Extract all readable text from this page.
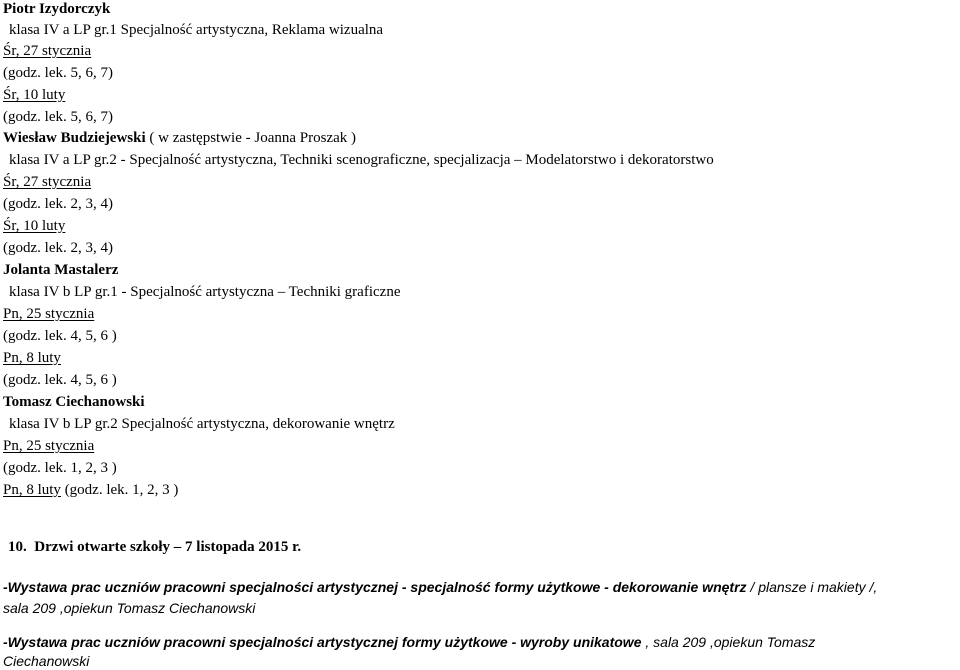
Piotr Izydorczyk
klasa IV a LP gr.1 Specjalność artystyczna, Reklama wizualna
Śr, 27 stycznia
(godz. lek. 5, 6, 7)
Śr, 10 luty
(godz. lek. 5, 6, 7)
Wiesław Budziejewski ( w zastępstwie - Joanna Proszak )
klasa IV a LP gr.2 - Specjalność artystyczna, Techniki scenograficzne, specjalizacja – Modelatorstwo i dekoratorstwo
Śr, 27 stycznia
(godz. lek. 2, 3, 4)
Śr, 10 luty
(godz. lek. 2, 3, 4)
Jolanta Mastalerz
klasa IV b LP gr.1 - Specjalność artystyczna – Techniki graficzne
Pn, 25 stycznia
(godz. lek. 4, 5, 6 )
Pn, 8 luty
(godz. lek. 4, 5, 6 )
Tomasz Ciechanowski
klasa IV b LP gr.2 Specjalność artystyczna, dekorowanie wnętrz
Pn, 25 stycznia
(godz. lek. 1, 2, 3 )
Pn, 8 luty (godz. lek. 1, 2, 3 )
10. Drzwi otwarte szkoły – 7 listopada 2015 r.
-Wystawa prac uczniów pracowni specjalności artystycznej - specjalność formy użytkowe - dekorowanie wnętrz / plansze i makiety /,
sala 209 ,opiekun Tomasz Ciechanowski
-Wystawa prac uczniów pracowni specjalności artystycznej formy użytkowe - wyroby unikatowe , sala 209 ,opiekun Tomasz
Ciechanowski
